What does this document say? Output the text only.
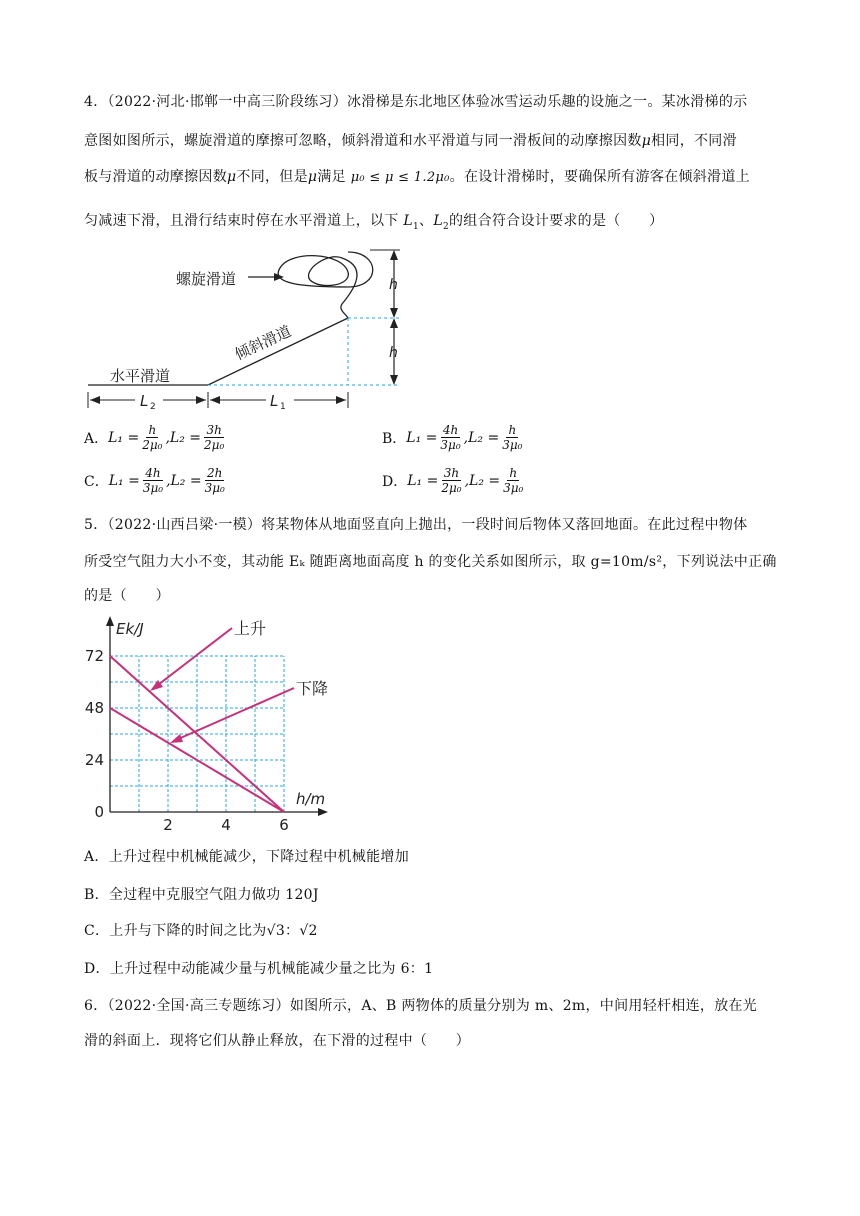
4．（2022·河北·邯郸一中高三阶段练习）冰滑梯是东北地区体验冰雪运动乐趣的设施之一。某冰滑梯的示
意图如图所示，螺旋滑道的摩擦可忽略，倾斜滑道和水平滑道与同一滑板间的动摩擦因数μ相同，不同滑
板与滑道的动摩擦因数μ不同，但是μ满足 μ₀ ≤ μ ≤ 1.2μ₀。在设计滑梯时，要确保所有游客在倾斜滑道上
匀减速下滑，且滑行结束时停在水平滑道上，以下 $L_1$、$L_2$的组合符合设计要求的是（　　）
螺旋滑道
倾斜滑道
水平滑道
h
h
L 2	L 1
A． $L_1 = \frac{h}{\text{2μ₀}} ,L_2 = \frac{3h}{\text{2μ₀}}$	B． $L_1 = \frac{4h}{\text{3μ₀}} ,L_2 = \frac{h}{\text{3μ₀}}$
C． $L_1 = \frac{4h}{\text{3μ₀}} ,L_2 = \frac{2h}{\text{3μ₀}}$	D． $L_1 = \frac{3h}{\text{2μ₀}} ,L_2 = \frac{h}{\text{3μ₀}}$
5．（2022·山西吕梁·一模）将某物体从地面竖直向上抛出，一段时间后物体又落回地面。在此过程中物体
所受空气阻力大小不变，其动能 Eₖ 随距离地面高度 h 的变化关系如图所示，取 g=10m/s²，下列说法中正确
的是（　　）
Ek/J
h/m
0
24
48
72
2	4	6
上升
下降
A．上升过程中机械能减少，下降过程中机械能增加
B．全过程中克服空气阻力做功 120J
C．上升与下降的时间之比为√3：√2
D．上升过程中动能减少量与机械能减少量之比为 6：1
6．（2022·全国·高三专题练习）如图所示，A、B 两物体的质量分别为 m、2m，中间用轻杆相连，放在光
滑的斜面上．现将它们从静止释放，在下滑的过程中（　　）
